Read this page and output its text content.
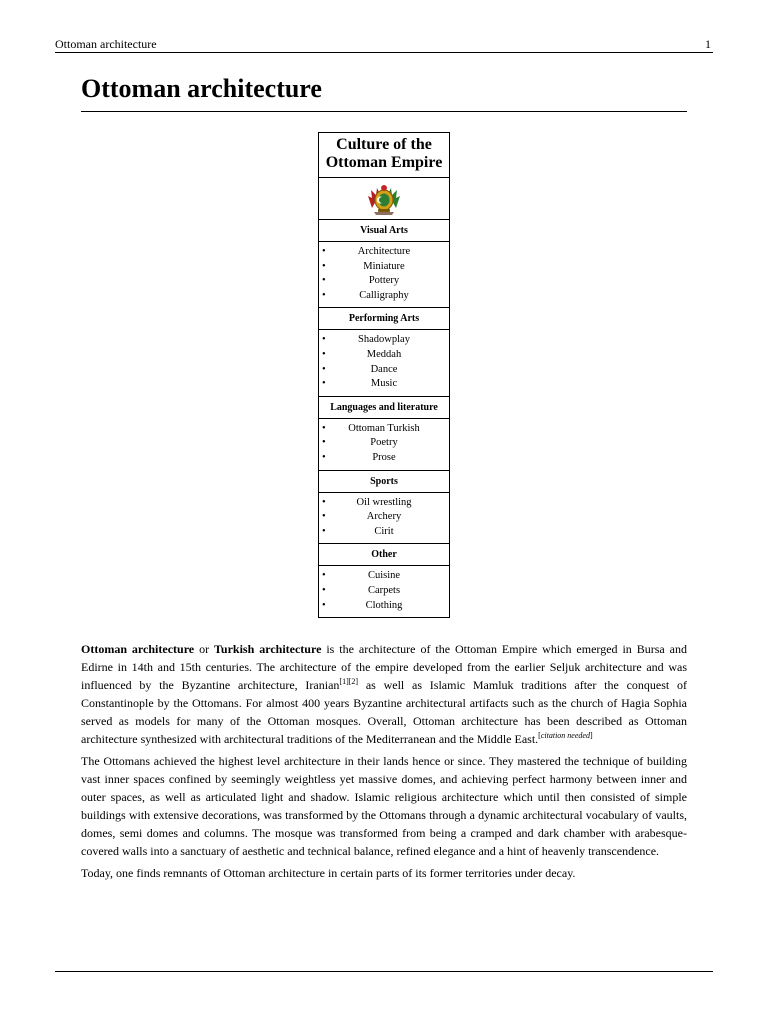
Ottoman architecture	1
Ottoman architecture
Culture of the Ottoman Empire
Visual Arts
•	Architecture
•	Miniature
•	Pottery
•	Calligraphy
Performing Arts
•	Shadowplay
•	Meddah
•	Dance
•	Music
Languages and literature
• Ottoman Turkish
•	Poetry
•	Prose
Sports
•	Oil wrestling
•	Archery
•	Cirit
Other
•	Cuisine
•	Carpets
•	Clothing

Ottoman architecture or Turkish architecture is the architecture of the Ottoman Empire which emerged in Bursa and Edirne in 14th and 15th centuries. The architecture of the empire developed from the earlier Seljuk architecture and was influenced by the Byzantine architecture, Iranian[1][2] as well as Islamic Mamluk traditions after the conquest of Constantinople by the Ottomans. For almost 400 years Byzantine architectural artifacts such as the church of Hagia Sophia served as models for many of the Ottoman mosques. Overall, Ottoman architecture has been described as Ottoman architecture synthesized with architectural traditions of the Mediterranean and the Middle East.[citation needed]

The Ottomans achieved the highest level architecture in their lands hence or since. They mastered the technique of building vast inner spaces confined by seemingly weightless yet massive domes, and achieving perfect harmony between inner and outer spaces, as well as articulated light and shadow. Islamic religious architecture which until then consisted of simple buildings with extensive decorations, was transformed by the Ottomans through a dynamic architectural vocabulary of vaults, domes, semi domes and columns. The mosque was transformed from being a cramped and dark chamber with arabesque-covered walls into a sanctuary of aesthetic and technical balance, refined elegance and a hint of heavenly transcendence.

Today, one finds remnants of Ottoman architecture in certain parts of its former territories under decay.
